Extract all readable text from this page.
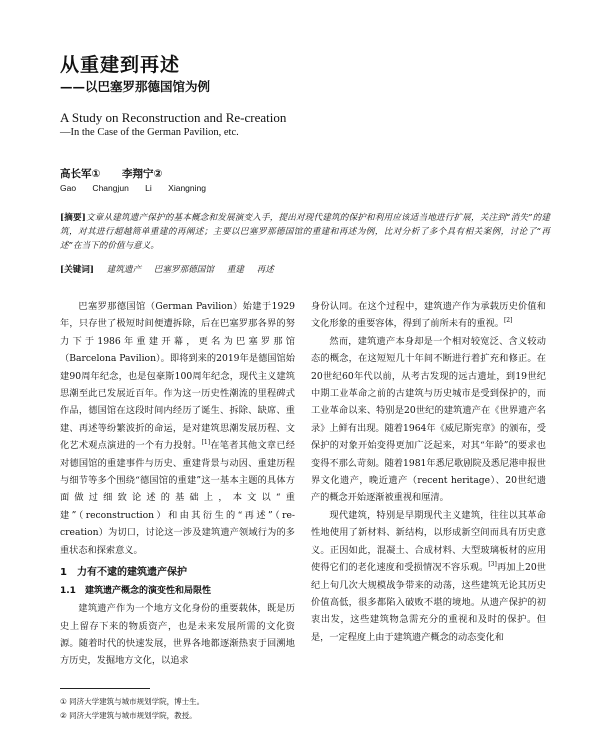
从重建到再述
——以巴塞罗那德国馆为例
A Study on Reconstruction and Re-creation
—In the Case of the German Pavilion, etc.
高长军① 李翔宁②
Gao Changjun Li Xiangning
[摘要]文章从建筑遗产保护的基本概念和发展演变入手，提出对现代建筑的保护和利用应该适当地进行扩展，关注到“消失”的建筑，对其进行超越简单重建的再阐述；主要以巴塞罗那德国馆的重建和再述为例，比对分析了多个具有相关案例，讨论了“再述”在当下的价值与意义。
[关键词] 建筑遗产 巴塞罗那德国馆 重建 再述

巴塞罗那德国馆（German Pavilion）始建于1929年，只存世了极短时间便遭拆除，后在巴塞罗那各界的努力下于1986年重建开幕，更名为巴塞罗那馆（Barcelona Pavilion）。即将到来的2019年是德国馆始建90周年纪念，也是包豪斯100周年纪念，现代主义建筑思潮至此已发展近百年。作为这一历史性潮流的里程碑式作品，德国馆在这段时间内经历了诞生、拆除、缺席、重建、再述等纷繁波折的命运，是对建筑思潮发展历程、文化艺术观点演进的一个有力投射。[1]在笔者其他文章已经对德国馆的重建事件与历史、重建背景与动因、重建历程与细节等多个围绕“德国馆的重建”这一基本主题的具体方面做过细致论述的基础上，本文以“重建”（reconstruction）和由其衍生的“再述”（re-creation）为切口，讨论这一涉及建筑遗产领域行为的多重状态和探索意义。

1　力有不逮的建筑遗产保护
1.1　建筑遗产概念的演变性和局限性

建筑遗产作为一个地方文化身份的重要载体，既是历史上留存下来的物质资产，也是未来发展所需的文化资源。随着时代的快速发展，世界各地都逐渐热衷于回溯地方历史，发掘地方文化，以追求

身份认同。在这个过程中，建筑遗产作为承载历史价值和文化形象的重要容体，得到了前所未有的重视。[2]

然而，建筑遗产本身却是一个相对较宽泛、含义较动态的概念，在这短短几十年间不断进行着扩充和修正。在20世纪60年代以前，从考古发现的远古遗址，到19世纪中期工业革命之前的古建筑与历史城市是受到保护的，而工业革命以来、特别是20世纪的建筑遗产在《世界遗产名录》上鲜有出现。随着1964年《威尼斯宪章》的颁布，受保护的对象开始变得更加广泛起来，对其“年龄”的要求也变得不那么苛刻。随着1981年悉尼歌剧院及悉尼港申报世界文化遗产，晚近遗产（recent heritage）、20世纪遗产的概念开始逐渐被重视和厘清。

现代建筑，特别是早期现代主义建筑，往往以其革命性地使用了新材料、新结构，以形成新空间而具有历史意义。正因如此，混凝土、合成材料、大型玻璃板材的应用使得它们的老化速度和受损情况不容乐观。[3]再加上20世纪上旬几次大规模战争带来的动荡，这些建筑无论其历史价值高低，很多都陷入破败不堪的境地。从遗产保护的初衷出发，这些建筑物急需充分的重视和及时的保护。但是，一定程度上由于建筑遗产概念的动态变化和

① 同济大学建筑与城市规划学院，博士生。
② 同济大学建筑与城市规划学院，教授。
